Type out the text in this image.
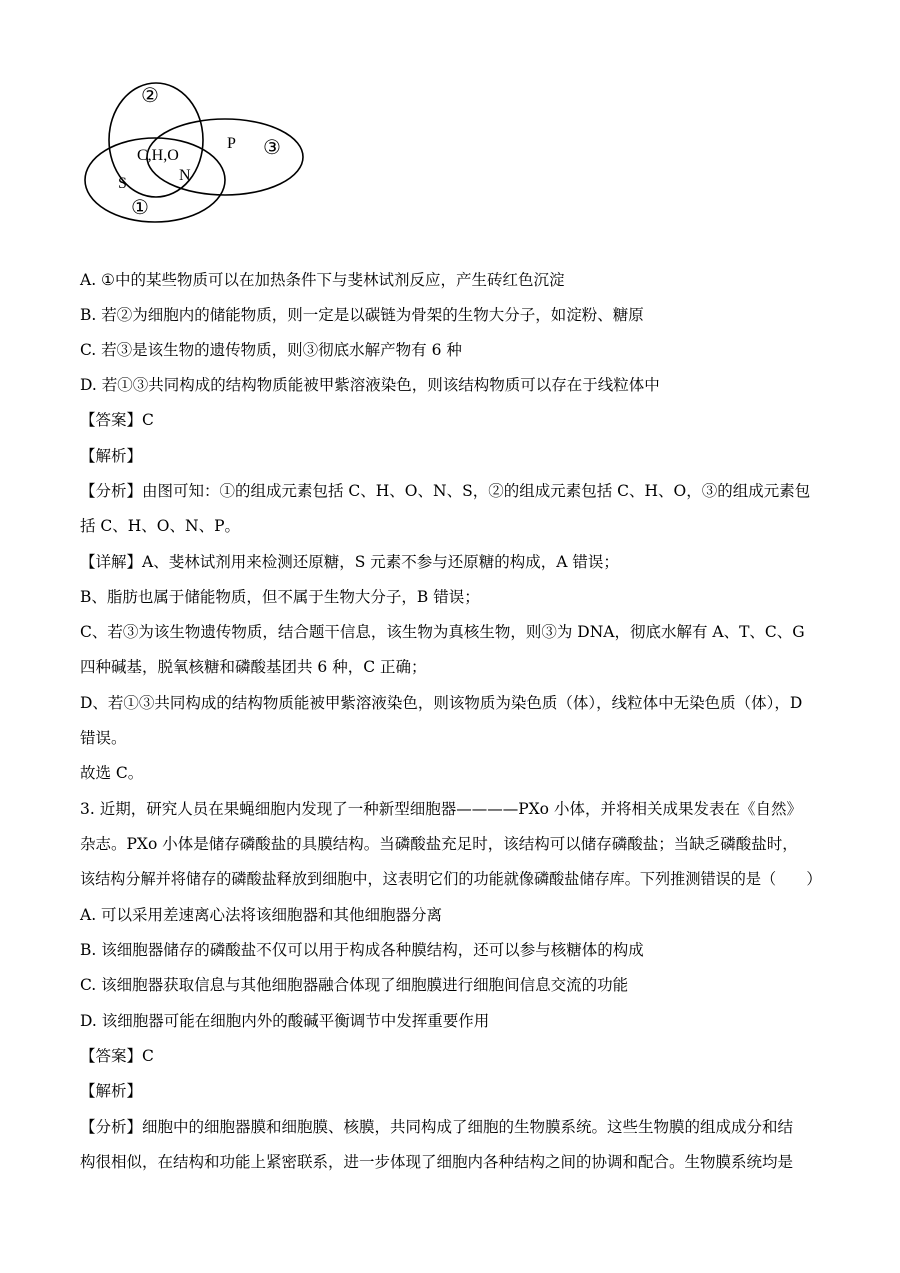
②
C,H,O
N
P ③
S
①
A. ①中的某些物质可以在加热条件下与斐林试剂反应，产生砖红色沉淀
B. 若②为细胞内的储能物质，则一定是以碳链为骨架的生物大分子，如淀粉、糖原
C. 若③是该生物的遗传物质，则③彻底水解产物有 6 种
D. 若①③共同构成的结构物质能被甲紫溶液染色，则该结构物质可以存在于线粒体中
【答案】C
【解析】
【分析】由图可知：①的组成元素包括 C、H、O、N、S，②的组成元素包括 C、H、O，③的组成元素包
括 C、H、O、N、P。
【详解】A、斐林试剂用来检测还原糖，S 元素不参与还原糖的构成，A 错误；
B、脂肪也属于储能物质，但不属于生物大分子，B 错误；
C、若③为该生物遗传物质，结合题干信息，该生物为真核生物，则③为 DNA，彻底水解有 A、T、C、G
四种碱基，脱氧核糖和磷酸基团共 6 种，C 正确；
D、若①③共同构成的结构物质能被甲紫溶液染色，则该物质为染色质（体），线粒体中无染色质（体），D
错误。
故选 C。
3. 近期，研究人员在果蝇细胞内发现了一种新型细胞器————PXo 小体，并将相关成果发表在《自然》
杂志。PXo 小体是储存磷酸盐的具膜结构。当磷酸盐充足时，该结构可以储存磷酸盐；当缺乏磷酸盐时，
该结构分解并将储存的磷酸盐释放到细胞中，这表明它们的功能就像磷酸盐储存库。下列推测错误的是（　　）
A. 可以采用差速离心法将该细胞器和其他细胞器分离
B. 该细胞器储存的磷酸盐不仅可以用于构成各种膜结构，还可以参与核糖体的构成
C. 该细胞器获取信息与其他细胞器融合体现了细胞膜进行细胞间信息交流的功能
D. 该细胞器可能在细胞内外的酸碱平衡调节中发挥重要作用
【答案】C
【解析】
【分析】细胞中的细胞器膜和细胞膜、核膜，共同构成了细胞的生物膜系统。这些生物膜的组成成分和结
构很相似，在结构和功能上紧密联系，进一步体现了细胞内各种结构之间的协调和配合。生物膜系统均是
